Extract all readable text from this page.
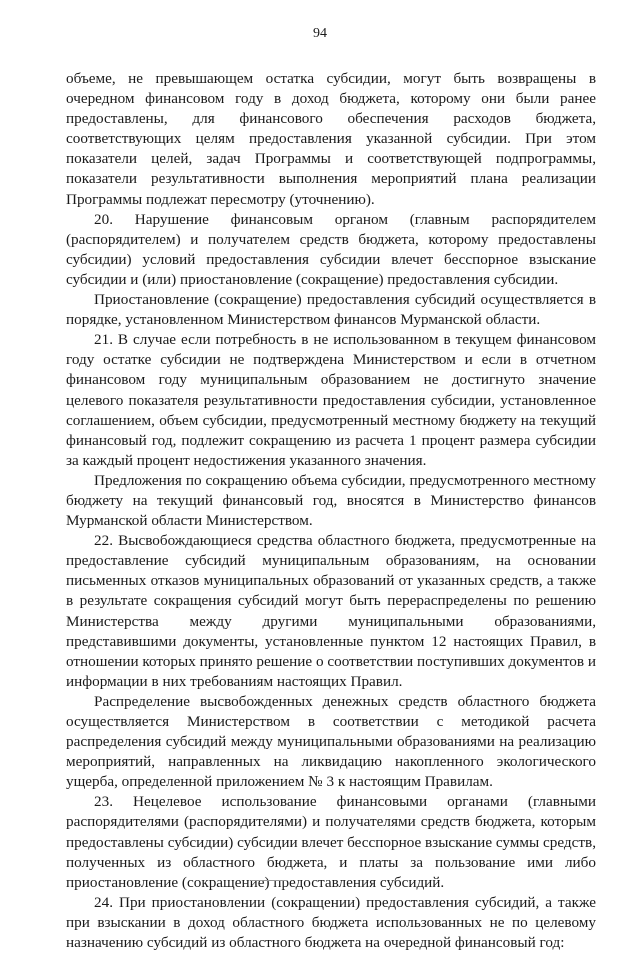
94

объеме, не превышающем остатка субсидии, могут быть возвращены в очередном финансовом году в доход бюджета, которому они были ранее предоставлены, для финансового обеспечения расходов бюджета, соответствующих целям предоставления указанной субсидии. При этом показатели целей, задач Программы и соответствующей подпрограммы, показатели результативности выполнения мероприятий плана реализации Программы подлежат пересмотру (уточнению).

20. Нарушение финансовым органом (главным распорядителем (распорядителем) и получателем средств бюджета, которому предоставлены субсидии) условий предоставления субсидии влечет бесспорное взыскание субсидии и (или) приостановление (сокращение) предоставления субсидии.

Приостановление (сокращение) предоставления субсидий осуществляется в порядке, установленном Министерством финансов Мурманской области.

21. В случае если потребность в не использованном в текущем финансовом году остатке субсидии не подтверждена Министерством и если в отчетном финансовом году муниципальным образованием не достигнуто значение целевого показателя результативности предоставления субсидии, установленное соглашением, объем субсидии, предусмотренный местному бюджету на текущий финансовый год, подлежит сокращению из расчета 1 процент размера субсидии за каждый процент недостижения указанного значения.

Предложения по сокращению объема субсидии, предусмотренного местному бюджету на текущий финансовый год, вносятся в Министерство финансов Мурманской области Министерством.

22. Высвобождающиеся средства областного бюджета, предусмотренные на предоставление субсидий муниципальным образованиям, на основании письменных отказов муниципальных образований от указанных средств, а также в результате сокращения субсидий могут быть перераспределены по решению Министерства между другими муниципальными образованиями, представившими документы, установленные пунктом 12 настоящих Правил, в отношении которых принято решение о соответствии поступивших документов и информации в них требованиям настоящих Правил.

Распределение высвобожденных денежных средств областного бюджета осуществляется Министерством в соответствии с методикой расчета распределения субсидий между муниципальными образованиями на реализацию мероприятий, направленных на ликвидацию накопленного экологического ущерба, определенной приложением № 3 к настоящим Правилам.

23. Нецелевое использование финансовыми органами (главными распорядителями (распорядителями) и получателями средств бюджета, которым предоставлены субсидии) субсидии влечет бесспорное взыскание суммы средств, полученных из областного бюджета, и платы за пользование ими либо приостановление (сокращение) предоставления субсидий.

24. При приостановлении (сокращении) предоставления субсидий, а также при взыскании в доход областного бюджета использованных не по целевому назначению субсидий из областного бюджета на очередной финансовый год:
